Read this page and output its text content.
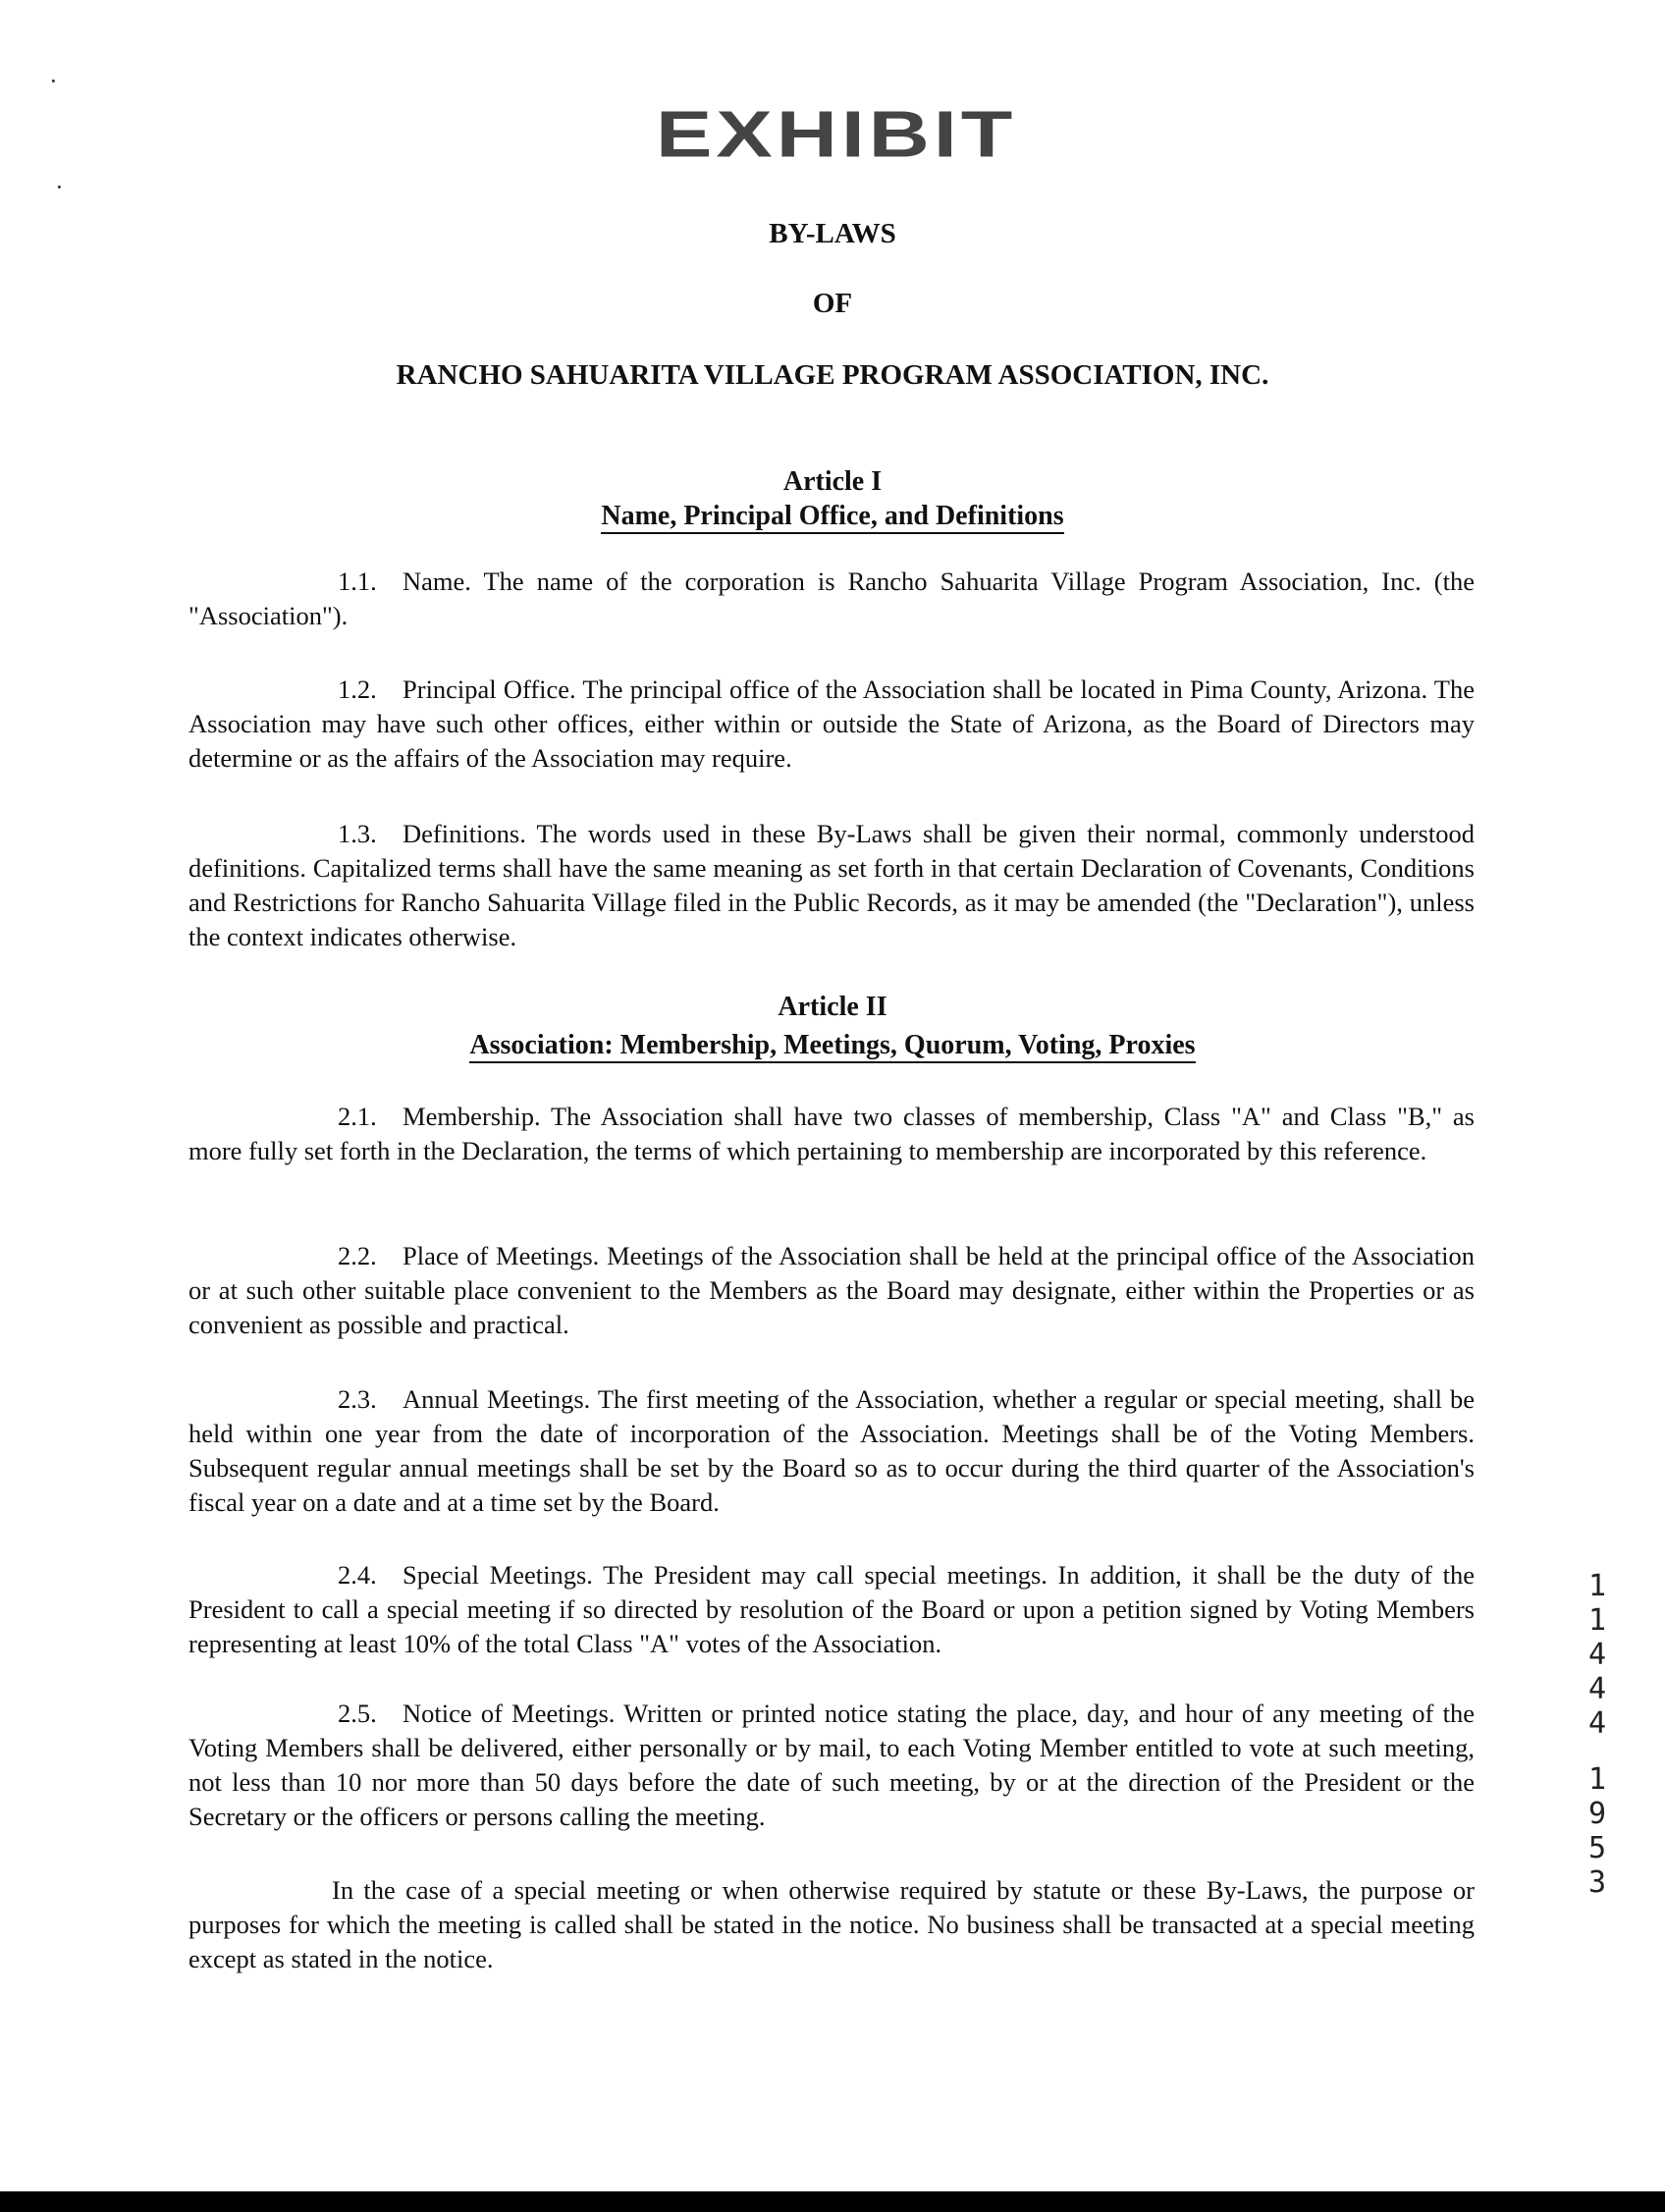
EXHIBIT
·
·
BY-LAWS
OF
RANCHO SAHUARITA VILLAGE PROGRAM ASSOCIATION, INC.
Article I
Name, Principal Office, and Definitions
1.1. Name. The name of the corporation is Rancho Sahuarita Village Program Association, Inc. (the "Association").
1.2. Principal Office. The principal office of the Association shall be located in Pima County, Arizona. The Association may have such other offices, either within or outside the State of Arizona, as the Board of Directors may determine or as the affairs of the Association may require.
1.3. Definitions. The words used in these By-Laws shall be given their normal, commonly understood definitions. Capitalized terms shall have the same meaning as set forth in that certain Declaration of Covenants, Conditions and Restrictions for Rancho Sahuarita Village filed in the Public Records, as it may be amended (the "Declaration"), unless the context indicates otherwise.
Article II
Association: Membership, Meetings, Quorum, Voting, Proxies
2.1. Membership. The Association shall have two classes of membership, Class "A" and Class "B," as more fully set forth in the Declaration, the terms of which pertaining to membership are incorporated by this reference.
2.2. Place of Meetings. Meetings of the Association shall be held at the principal office of the Association or at such other suitable place convenient to the Members as the Board may designate, either within the Properties or as convenient as possible and practical.
2.3. Annual Meetings. The first meeting of the Association, whether a regular or special meeting, shall be held within one year from the date of incorporation of the Association. Meetings shall be of the Voting Members. Subsequent regular annual meetings shall be set by the Board so as to occur during the third quarter of the Association's fiscal year on a date and at a time set by the Board.
2.4. Special Meetings. The President may call special meetings. In addition, it shall be the duty of the President to call a special meeting if so directed by resolution of the Board or upon a petition signed by Voting Members representing at least 10% of the total Class "A" votes of the Association.
2.5. Notice of Meetings. Written or printed notice stating the place, day, and hour of any meeting of the Voting Members shall be delivered, either personally or by mail, to each Voting Member entitled to vote at such meeting, not less than 10 nor more than 50 days before the date of such meeting, by or at the direction of the President or the Secretary or the officers or persons calling the meeting.
In the case of a special meeting or when otherwise required by statute or these By-Laws, the purpose or purposes for which the meeting is called shall be stated in the notice. No business shall be transacted at a special meeting except as stated in the notice.
1
1
4
4
4
1
9
5
3
